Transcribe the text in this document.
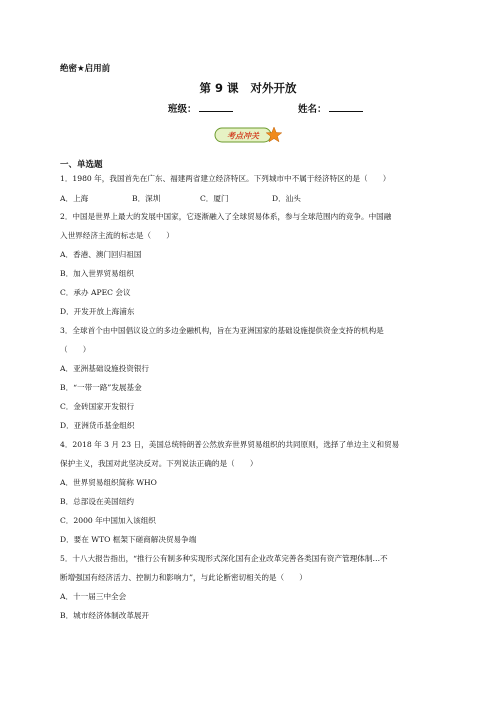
绝密★启用前
第 9 课 对外开放
班级：	姓名：
考点冲关
一、单选题
1．1980 年，我国首先在广东、福建两省建立经济特区。下列城市中不属于经济特区的是（　　）
A．上海	B．深圳	C．厦门	D．汕头
2．中国是世界上最大的发展中国家，它逐渐融入了全球贸易体系，参与全球范围内的竞争。中国融
入世界经济主流的标志是（　　）
A．香港、澳门回归祖国
B．加入世界贸易组织
C．承办 APEC 会议
D．开发开放上海浦东
3．全球首个由中国倡议设立的多边金融机构，旨在为亚洲国家的基础设施提供资金支持的机构是
（　　）
A．亚洲基础设施投资银行
B．“一带一路”发展基金
C．金砖国家开发银行
D．亚洲货币基金组织
4．2018 年 3 月 23 日，美国总统特朗普公然放弃世界贸易组织的共同原则，选择了单边主义和贸易
保护主义，我国对此坚决反对。下列说法正确的是（　　）
A．世界贸易组织简称 WHO
B．总部设在美国纽约
C．2000 年中国加入该组织
D．要在 WTO 框架下磋商解决贸易争端
5．十八大报告指出，“推行公有制多种实现形式深化国有企业改革完善各类国有资产管理体制…不
断增强国有经济活力、控制力和影响力”，与此论断密切相关的是（　　）
A．十一届三中全会
B．城市经济体制改革展开
